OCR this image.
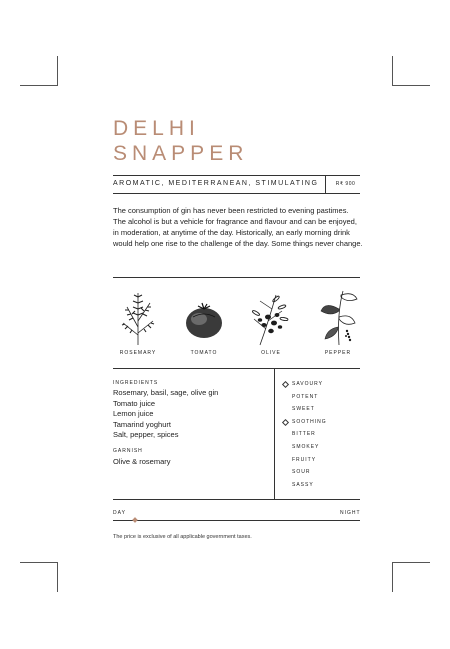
DELHI
SNAPPER
AROMATIC, MEDITERRANEAN, STIMULATING	R₹ 900

The consumption of gin has never been restricted to evening pastimes. The alcohol is but a vehicle for fragrance and flavour and can be enjoyed, in moderation, at anytime of the day. Historically, an early morning drink would help one rise to the challenge of the day. Some things never change.

ROSEMARY	TOMATO	OLIVE	PEPPER
INGREDIENTS
Rosemary, basil, sage, olive gin
Tomato juice
Lemon juice
Tamarind yoghurt
Salt, pepper, spices
GARNISH
Olive & rosemary
SAVOURY
POTENT
SWEET
SOOTHING
BITTER
SMOKEY
FRUITY
SOUR
SASSY
DAY	NIGHT
The price is exclusive of all applicable government taxes.
